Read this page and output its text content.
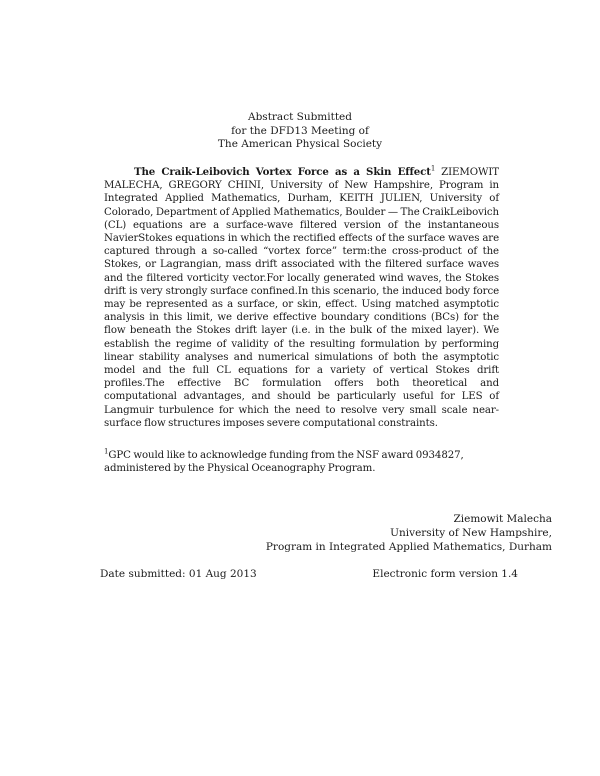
Abstract Submitted
for the DFD13 Meeting of
The American Physical Society
The Craik-Leibovich Vortex Force as a Skin Effect$^1$ ZIEMOWIT MALECHA, GREGORY CHINI, University of New Hampshire, Program in Integrated Applied Mathematics, Durham, KEITH JULIEN, University of Colorado, Department of Applied Mathematics, Boulder — The CraikLeibovich (CL) equations are a surface-wave filtered version of the instantaneous NavierStokes equations in which the rectified effects of the surface waves are captured through a so-called “vortex force” term:the cross-product of the Stokes, or Lagrangian, mass drift associated with the filtered surface waves and the filtered vorticity vector.For locally generated wind waves, the Stokes drift is very strongly surface confined.In this scenario, the induced body force may be represented as a surface, or skin, effect. Using matched asymptotic analysis in this limit, we derive effective boundary conditions (BCs) for the flow beneath the Stokes drift layer (i.e. in the bulk of the mixed layer). We establish the regime of validity of the resulting formulation by performing linear stability analyses and numerical simulations of both the asymptotic model and the full CL equations for a variety of vertical Stokes drift profiles.The effective BC formulation offers both theoretical and computational advantages, and should be particularly useful for LES of Langmuir turbulence for which the need to resolve very small scale near-surface flow structures imposes severe computational constraints.
$^1$GPC would like to acknowledge funding from the NSF award 0934827, administered by the Physical Oceanography Program.
Ziemowit Malecha
University of New Hampshire,
Program in Integrated Applied Mathematics, Durham
Date submitted: 01 Aug 2013	Electronic form version 1.4
